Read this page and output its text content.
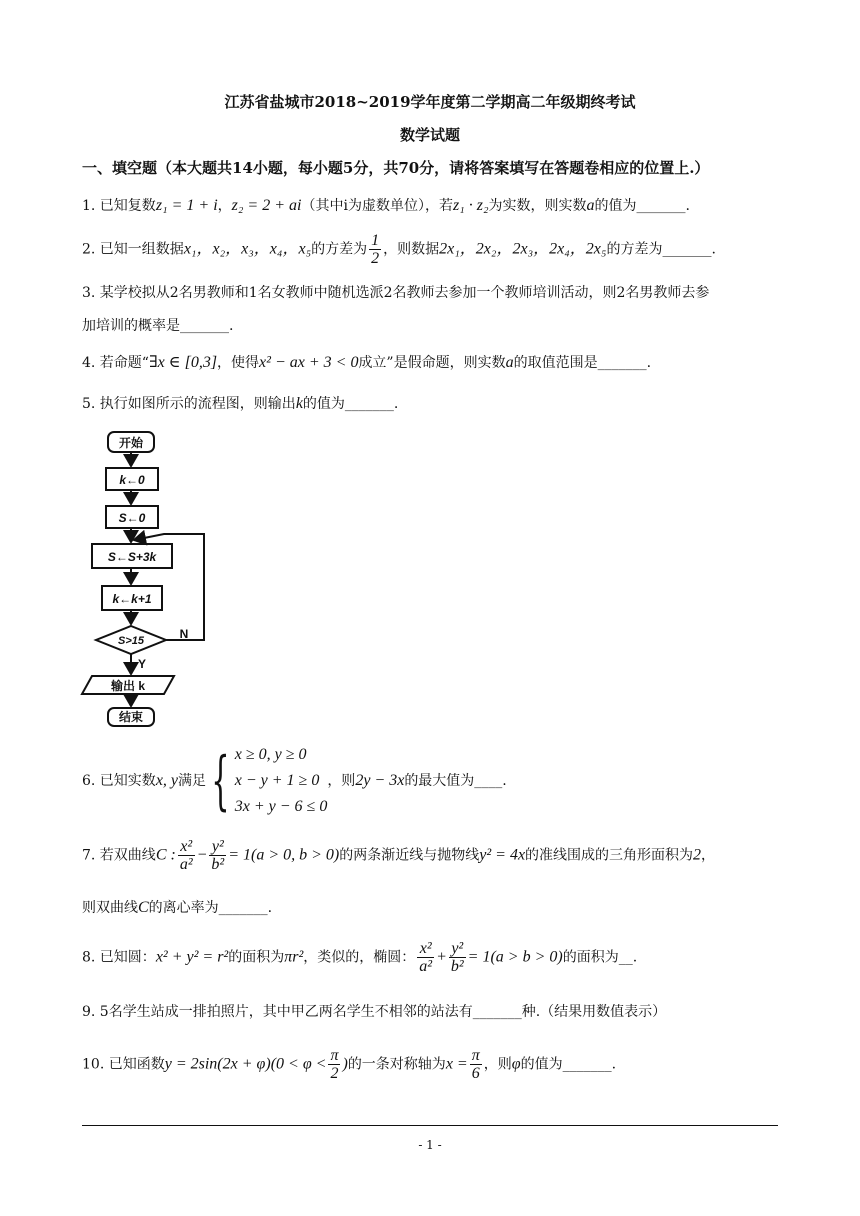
江苏省盐城市2018~2019学年度第二学期高二年级期终考试
数学试题
一、填空题（本大题共14小题，每小题5分，共70分，请将答案填写在答题卷相应的位置上.）
1. 已知复数z₁ = 1 + i，z₂ = 2 + ai（其中i为虚数单位），若z₁ · z₂为实数，则实数a的值为_______.
2. 已知一组数据x₁，x₂，x₃，x₄，x₅的方差为 $\frac{1}{2}$ ，则数据2x₁，2x₂，2x₃，2x₄，2x₅的方差为_______.
3. 某学校拟从2名男教师和1名女教师中随机选派2名教师去参加一个教师培训活动，则2名男教师去参
加培训的概率是_______.
4. 若命题“∃x ∈ [0,3]，使得x² − ax + 3 < 0成立”是假命题，则实数a的取值范围是_______.
5. 执行如图所示的流程图，则输出k的值为_______.
开始
k←0
S←0
S←S+3k
k←k+1
S>15	N
Y
输出 k
结束
6. 已知实数x, y满足{ x ≥ 0, y ≥ 0
x − y + 1 ≥ 0
3x + y − 6 ≤ 0
，则2y − 3x的最大值为____.
7. 若双曲线C : $\frac{\text{x²}}{\text{a²}} - \frac{\text{y²}}{\text{b²}} = 1(a > 0$, b > 0)的两条渐近线与抛物线y² = 4x的准线围成的三角形面积为2，
则双曲线C的离心率为_______.
8. 已知圆：x² + y² = r²的面积为πr²，类似的，椭圆： $\frac{\text{x²}}{\text{a²}} + \frac{\text{y²}}{\text{b²}} = 1(a > b > 0)$的面积为__.
9. 5名学生站成一排拍照片，其中甲乙两名学生不相邻的站法有_______种.（结果用数值表示）
10. 已知函数$y = 2\sin(2x + \varphi)(0 < \varphi < \frac{\pi}{2}$ )的一条对称轴为$x = \frac{\pi}{6}$ ，则φ的值为_______.
- 1 -
